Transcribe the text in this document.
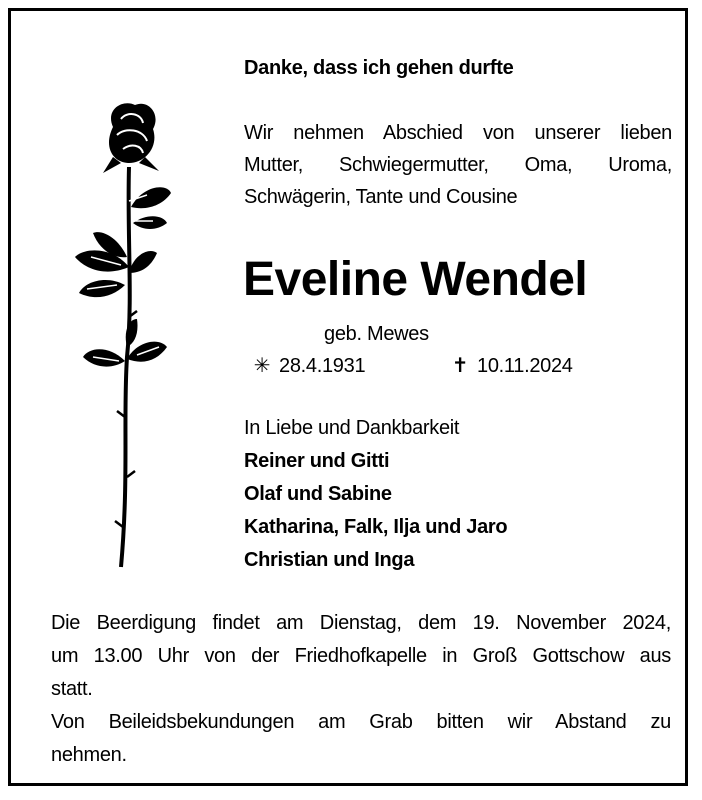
Danke, dass ich gehen durfte
Wir nehmen Abschied von unserer lieben
Mutter, Schwiegermutter, Oma, Uroma,
Schwägerin, Tante und Cousine
Eveline Wendel
geb. Mewes
✳ 28.4.1931	✝ 10.11.2024
In Liebe und Dankbarkeit
Reiner und Gitti
Olaf und Sabine
Katharina, Falk, Ilja und Jaro
Christian und Inga
Die Beerdigung findet am Dienstag, dem 19. November 2024,
um 13.00 Uhr von der Friedhofkapelle in Groß Gottschow aus
statt.
Von Beileidsbekundungen am Grab bitten wir Abstand zu
nehmen.
